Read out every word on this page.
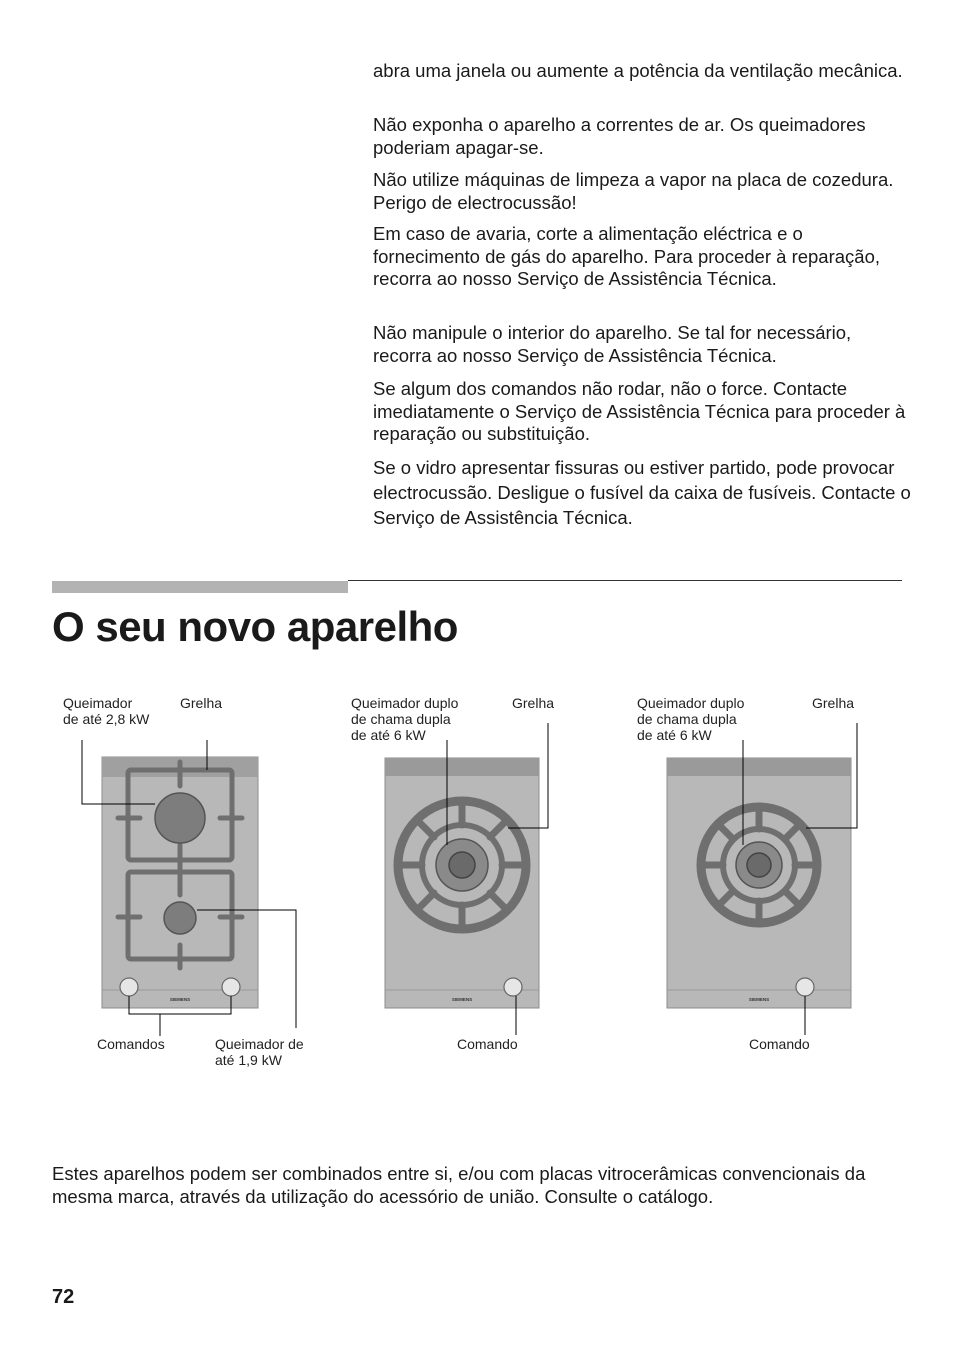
abra uma janela ou aumente a potência da ventilação mecânica.

Não exponha o aparelho a correntes de ar. Os queimadores poderiam apagar-se.

Não utilize máquinas de limpeza a vapor na placa de cozedura. Perigo de electrocussão!

Em caso de avaria, corte a alimentação eléctrica e o fornecimento de gás do aparelho. Para proceder à reparação, recorra ao nosso Serviço de Assistência Técnica.

Não manipule o interior do aparelho. Se tal for necessário, recorra ao nosso Serviço de Assistência Técnica.

Se algum dos comandos não rodar, não o force. Contacte imediatamente o Serviço de Assistência Técnica para proceder à reparação ou substituição.

Se o vidro apresentar fissuras ou estiver partido, pode provocar electrocussão. Desligue o fusível da caixa de fusíveis. Contacte o Serviço de Assistência Técnica.

O seu novo aparelho
SIEMENS	SIEMENS	SIEMENS
Queimador
de até 2,8 kW
Grelha
Comandos	Queimador de
até 1,9 kW
Queimador duplo
de chama dupla
de até 6 kW
Grelha
Comando
Queimador duplo
de chama dupla
de até 6 kW
Grelha
Comando

Estes aparelhos podem ser combinados entre si, e/ou com placas vitrocerâmicas convencionais da mesma marca, através da utilização do acessório de união. Consulte o catálogo.

72
